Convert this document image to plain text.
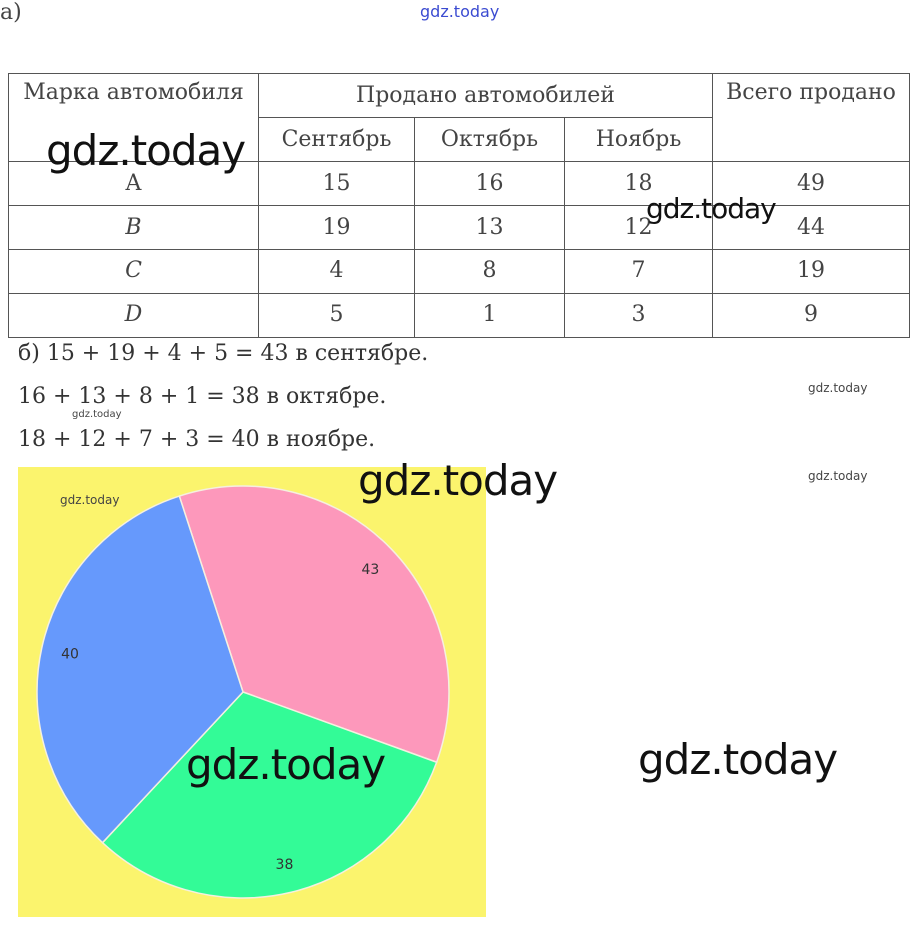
gdz.today
а)
Марка автомобиля	Продано автомобилей			Всего продано
	Сентябрь	Октябрь	Ноябрь	
A	15	16	18	49
B	19	13	12	44
C	4	8	7	19
D	5	1	3	9
б) 15 + 19 + 4 + 5 = 43 в сентябре.
16 + 13 + 8 + 1 = 38 в октябре.
18 + 12 + 7 + 3 = 40 в ноябре.
43
38
40
gdz.today
gdz.today
gdz.today
gdz.today
gdz.today	gdz.today
gdz.today
gdz.today	gdz.today
